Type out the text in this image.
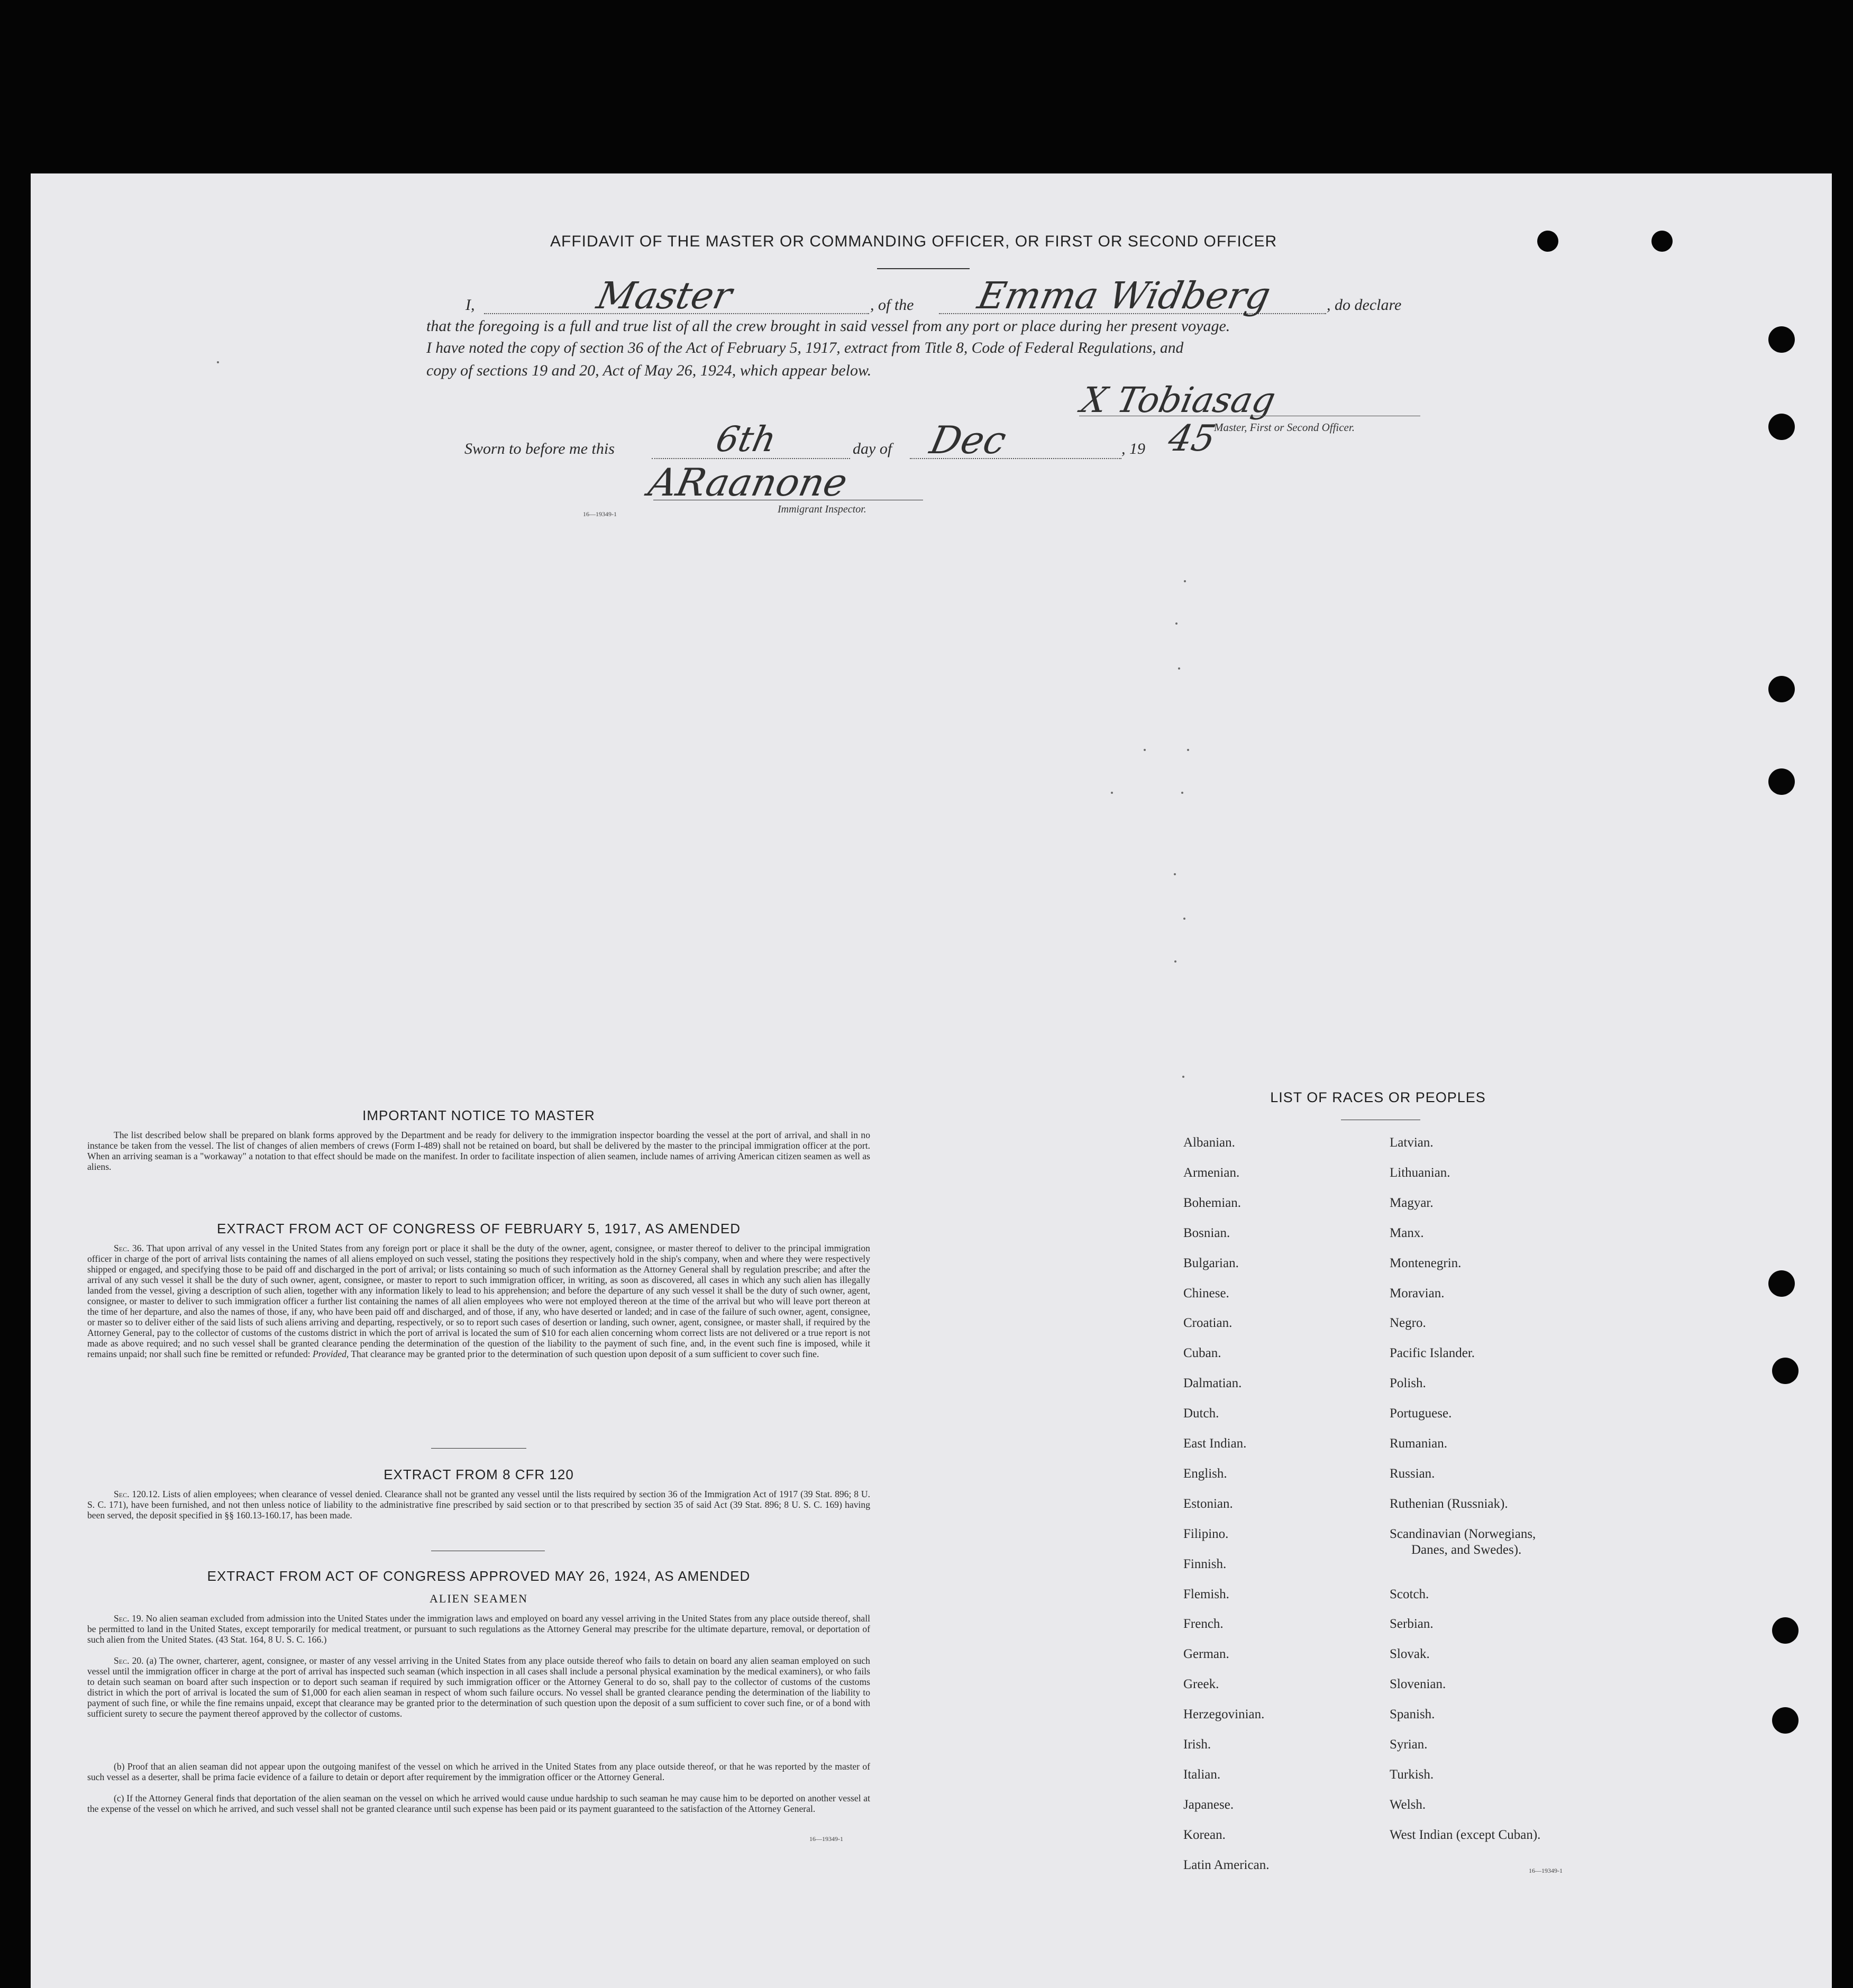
AFFIDAVIT OF THE MASTER OR COMMANDING OFFICER, OR FIRST OR SECOND OFFICER
I,	Master	, of the Emma Widberg	, do declare
that the foregoing is a full and true list of all the crew brought in said vessel from any port or place during her present voyage.
I have noted the copy of section 36 of the Act of February 5, 1917, extract from Title 8, Code of Federal Regulations, and
copy of sections 19 and 20, Act of May 26, 1924, which appear below.
X Tobiasag
Master, First or Second Officer.
Sworn to before me this	6th	day of Dec	, 19 45
ARaanone
16—19349-1	Immigrant Inspector.
IMPORTANT NOTICE TO MASTER
The list described below shall be prepared on blank forms approved by the Department and be ready for delivery to the immigration inspector boarding the vessel at the port of arrival, and shall in no instance be taken from the vessel. The list of changes of alien members of crews (Form I-489) shall not be retained on board, but shall be delivered by the master to the principal immigration officer at the port. When an arriving seaman is a "workaway" a notation to that effect should be made on the manifest. In order to facilitate inspection of alien seamen, include names of arriving American citizen seamen as well as aliens.
EXTRACT FROM ACT OF CONGRESS OF FEBRUARY 5, 1917, AS AMENDED
Sec. 36. That upon arrival of any vessel in the United States from any foreign port or place it shall be the duty of the owner, agent, consignee, or master thereof to deliver to the principal immigration officer in charge of the port of arrival lists containing the names of all aliens employed on such vessel, stating the positions they respectively hold in the ship's company, when and where they were respectively shipped or engaged, and specifying those to be paid off and discharged in the port of arrival; or lists containing so much of such information as the Attorney General shall by regulation prescribe; and after the arrival of any such vessel it shall be the duty of such owner, agent, consignee, or master to report to such immigration officer, in writing, as soon as discovered, all cases in which any such alien has illegally landed from the vessel, giving a description of such alien, together with any information likely to lead to his apprehension; and before the departure of any such vessel it shall be the duty of such owner, agent, consignee, or master to deliver to such immigration officer a further list containing the names of all alien employees who were not employed thereon at the time of the arrival but who will leave port thereon at the time of her departure, and also the names of those, if any, who have been paid off and discharged, and of those, if any, who have deserted or landed; and in case of the failure of such owner, agent, consignee, or master so to deliver either of the said lists of such aliens arriving and departing, respectively, or so to report such cases of desertion or landing, such owner, agent, consignee, or master shall, if required by the Attorney General, pay to the collector of customs of the customs district in which the port of arrival is located the sum of $10 for each alien concerning whom correct lists are not delivered or a true report is not made as above required; and no such vessel shall be granted clearance pending the determination of the question of the liability to the payment of such fine, and, in the event such fine is imposed, while it remains unpaid; nor shall such fine be remitted or refunded: Provided, That clearance may be granted prior to the determination of such question upon deposit of a sum sufficient to cover such fine.
EXTRACT FROM 8 CFR 120
Sec. 120.12. Lists of alien employees; when clearance of vessel denied. Clearance shall not be granted any vessel until the lists required by section 36 of the Immigration Act of 1917 (39 Stat. 896; 8 U. S. C. 171), have been furnished, and not then unless notice of liability to the administrative fine prescribed by said section or to that prescribed by section 35 of said Act (39 Stat. 896; 8 U. S. C. 169) having been served, the deposit specified in §§ 160.13-160.17, has been made.
EXTRACT FROM ACT OF CONGRESS APPROVED MAY 26, 1924, AS AMENDED
ALIEN SEAMEN
Sec. 19. No alien seaman excluded from admission into the United States under the immigration laws and employed on board any vessel arriving in the United States from any place outside thereof, shall be permitted to land in the United States, except temporarily for medical treatment, or pursuant to such regulations as the Attorney General may prescribe for the ultimate departure, removal, or deportation of such alien from the United States. (43 Stat. 164, 8 U. S. C. 166.)
Sec. 20. (a) The owner, charterer, agent, consignee, or master of any vessel arriving in the United States from any place outside thereof who fails to detain on board any alien seaman employed on such vessel until the immigration officer in charge at the port of arrival has inspected such seaman (which inspection in all cases shall include a personal physical examination by the medical examiners), or who fails to detain such seaman on board after such inspection or to deport such seaman if required by such immigration officer or the Attorney General to do so, shall pay to the collector of customs of the customs district in which the port of arrival is located the sum of $1,000 for each alien seaman in respect of whom such failure occurs. No vessel shall be granted clearance pending the determination of the liability to payment of such fine, or while the fine remains unpaid, except that clearance may be granted prior to the determination of such question upon the deposit of a sum sufficient to cover such fine, or of a bond with sufficient surety to secure the payment thereof approved by the collector of customs.
(b) Proof that an alien seaman did not appear upon the outgoing manifest of the vessel on which he arrived in the United States from any place outside thereof, or that he was reported by the master of such vessel as a deserter, shall be prima facie evidence of a failure to detain or deport after requirement by the immigration officer or the Attorney General.
(c) If the Attorney General finds that deportation of the alien seaman on the vessel on which he arrived would cause undue hardship to such seaman he may cause him to be deported on another vessel at the expense of the vessel on which he arrived, and such vessel shall not be granted clearance until such expense has been paid or its payment guaranteed to the satisfaction of the Attorney General.
16—19349-1
LIST OF RACES OR PEOPLES
Albanian.
Armenian.
Bohemian.
Bosnian.
Bulgarian.
Chinese.
Croatian.
Cuban.
Dalmatian.
Dutch.
East Indian.
English.
Estonian.
Filipino.
Finnish.
Flemish.
French.
German.
Greek.
Herzegovinian.
Irish.
Italian.
Japanese.
Korean.
Latin American.
Latvian.
Lithuanian.
Magyar.
Manx.
Montenegrin.
Moravian.
Negro.
Pacific Islander.
Polish.
Portuguese.
Rumanian.
Russian.
Ruthenian (Russniak).
Scandinavian (Norwegians,
Danes, and Swedes).
Scotch.
Serbian.
Slovak.
Slovenian.
Spanish.
Syrian.
Turkish.
Welsh.
West Indian (except Cuban).
16—19349-1
